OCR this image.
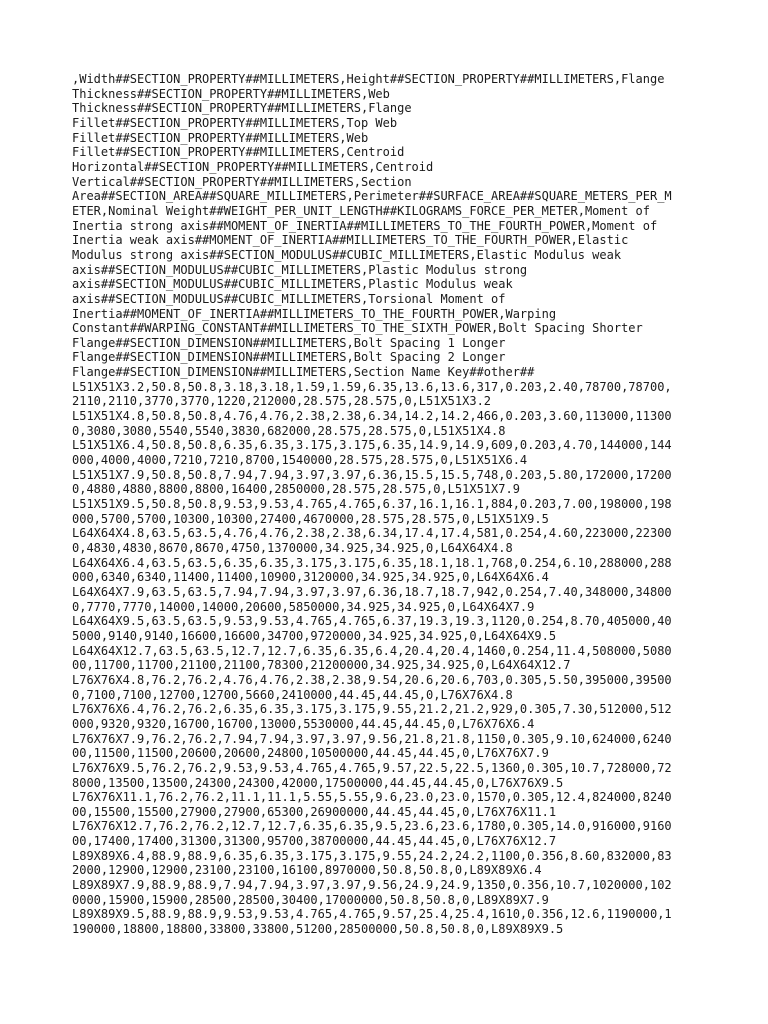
,Width##SECTION_PROPERTY##MILLIMETERS,Height##SECTION_PROPERTY##MILLIMETERS,Flange
Thickness##SECTION_PROPERTY##MILLIMETERS,Web
Thickness##SECTION_PROPERTY##MILLIMETERS,Flange
Fillet##SECTION_PROPERTY##MILLIMETERS,Top Web
Fillet##SECTION_PROPERTY##MILLIMETERS,Web
Fillet##SECTION_PROPERTY##MILLIMETERS,Centroid
Horizontal##SECTION_PROPERTY##MILLIMETERS,Centroid
Vertical##SECTION_PROPERTY##MILLIMETERS,Section
Area##SECTION_AREA##SQUARE_MILLIMETERS,Perimeter##SURFACE_AREA##SQUARE_METERS_PER_M
ETER,Nominal Weight##WEIGHT_PER_UNIT_LENGTH##KILOGRAMS_FORCE_PER_METER,Moment of
Inertia strong axis##MOMENT_OF_INERTIA##MILLIMETERS_TO_THE_FOURTH_POWER,Moment of
Inertia weak axis##MOMENT_OF_INERTIA##MILLIMETERS_TO_THE_FOURTH_POWER,Elastic
Modulus strong axis##SECTION_MODULUS##CUBIC_MILLIMETERS,Elastic Modulus weak
axis##SECTION_MODULUS##CUBIC_MILLIMETERS,Plastic Modulus strong
axis##SECTION_MODULUS##CUBIC_MILLIMETERS,Plastic Modulus weak
axis##SECTION_MODULUS##CUBIC_MILLIMETERS,Torsional Moment of
Inertia##MOMENT_OF_INERTIA##MILLIMETERS_TO_THE_FOURTH_POWER,Warping
Constant##WARPING_CONSTANT##MILLIMETERS_TO_THE_SIXTH_POWER,Bolt Spacing Shorter
Flange##SECTION_DIMENSION##MILLIMETERS,Bolt Spacing 1 Longer
Flange##SECTION_DIMENSION##MILLIMETERS,Bolt Spacing 2 Longer
Flange##SECTION_DIMENSION##MILLIMETERS,Section Name Key##other##
L51X51X3.2,50.8,50.8,3.18,3.18,1.59,1.59,6.35,13.6,13.6,317,0.203,2.40,78700,78700,
2110,2110,3770,3770,1220,212000,28.575,28.575,0,L51X51X3.2
L51X51X4.8,50.8,50.8,4.76,4.76,2.38,2.38,6.34,14.2,14.2,466,0.203,3.60,113000,11300
0,3080,3080,5540,5540,3830,682000,28.575,28.575,0,L51X51X4.8
L51X51X6.4,50.8,50.8,6.35,6.35,3.175,3.175,6.35,14.9,14.9,609,0.203,4.70,144000,144
000,4000,4000,7210,7210,8700,1540000,28.575,28.575,0,L51X51X6.4
L51X51X7.9,50.8,50.8,7.94,7.94,3.97,3.97,6.36,15.5,15.5,748,0.203,5.80,172000,17200
0,4880,4880,8800,8800,16400,2850000,28.575,28.575,0,L51X51X7.9
L51X51X9.5,50.8,50.8,9.53,9.53,4.765,4.765,6.37,16.1,16.1,884,0.203,7.00,198000,198
000,5700,5700,10300,10300,27400,4670000,28.575,28.575,0,L51X51X9.5
L64X64X4.8,63.5,63.5,4.76,4.76,2.38,2.38,6.34,17.4,17.4,581,0.254,4.60,223000,22300
0,4830,4830,8670,8670,4750,1370000,34.925,34.925,0,L64X64X4.8
L64X64X6.4,63.5,63.5,6.35,6.35,3.175,3.175,6.35,18.1,18.1,768,0.254,6.10,288000,288
000,6340,6340,11400,11400,10900,3120000,34.925,34.925,0,L64X64X6.4
L64X64X7.9,63.5,63.5,7.94,7.94,3.97,3.97,6.36,18.7,18.7,942,0.254,7.40,348000,34800
0,7770,7770,14000,14000,20600,5850000,34.925,34.925,0,L64X64X7.9
L64X64X9.5,63.5,63.5,9.53,9.53,4.765,4.765,6.37,19.3,19.3,1120,0.254,8.70,405000,40
5000,9140,9140,16600,16600,34700,9720000,34.925,34.925,0,L64X64X9.5
L64X64X12.7,63.5,63.5,12.7,12.7,6.35,6.35,6.4,20.4,20.4,1460,0.254,11.4,508000,5080
00,11700,11700,21100,21100,78300,21200000,34.925,34.925,0,L64X64X12.7
L76X76X4.8,76.2,76.2,4.76,4.76,2.38,2.38,9.54,20.6,20.6,703,0.305,5.50,395000,39500
0,7100,7100,12700,12700,5660,2410000,44.45,44.45,0,L76X76X4.8
L76X76X6.4,76.2,76.2,6.35,6.35,3.175,3.175,9.55,21.2,21.2,929,0.305,7.30,512000,512
000,9320,9320,16700,16700,13000,5530000,44.45,44.45,0,L76X76X6.4
L76X76X7.9,76.2,76.2,7.94,7.94,3.97,3.97,9.56,21.8,21.8,1150,0.305,9.10,624000,6240
00,11500,11500,20600,20600,24800,10500000,44.45,44.45,0,L76X76X7.9
L76X76X9.5,76.2,76.2,9.53,9.53,4.765,4.765,9.57,22.5,22.5,1360,0.305,10.7,728000,72
8000,13500,13500,24300,24300,42000,17500000,44.45,44.45,0,L76X76X9.5
L76X76X11.1,76.2,76.2,11.1,11.1,5.55,5.55,9.6,23.0,23.0,1570,0.305,12.4,824000,8240
00,15500,15500,27900,27900,65300,26900000,44.45,44.45,0,L76X76X11.1
L76X76X12.7,76.2,76.2,12.7,12.7,6.35,6.35,9.5,23.6,23.6,1780,0.305,14.0,916000,9160
00,17400,17400,31300,31300,95700,38700000,44.45,44.45,0,L76X76X12.7
L89X89X6.4,88.9,88.9,6.35,6.35,3.175,3.175,9.55,24.2,24.2,1100,0.356,8.60,832000,83
2000,12900,12900,23100,23100,16100,8970000,50.8,50.8,0,L89X89X6.4
L89X89X7.9,88.9,88.9,7.94,7.94,3.97,3.97,9.56,24.9,24.9,1350,0.356,10.7,1020000,102
0000,15900,15900,28500,28500,30400,17000000,50.8,50.8,0,L89X89X7.9
L89X89X9.5,88.9,88.9,9.53,9.53,4.765,4.765,9.57,25.4,25.4,1610,0.356,12.6,1190000,1
190000,18800,18800,33800,33800,51200,28500000,50.8,50.8,0,L89X89X9.5
